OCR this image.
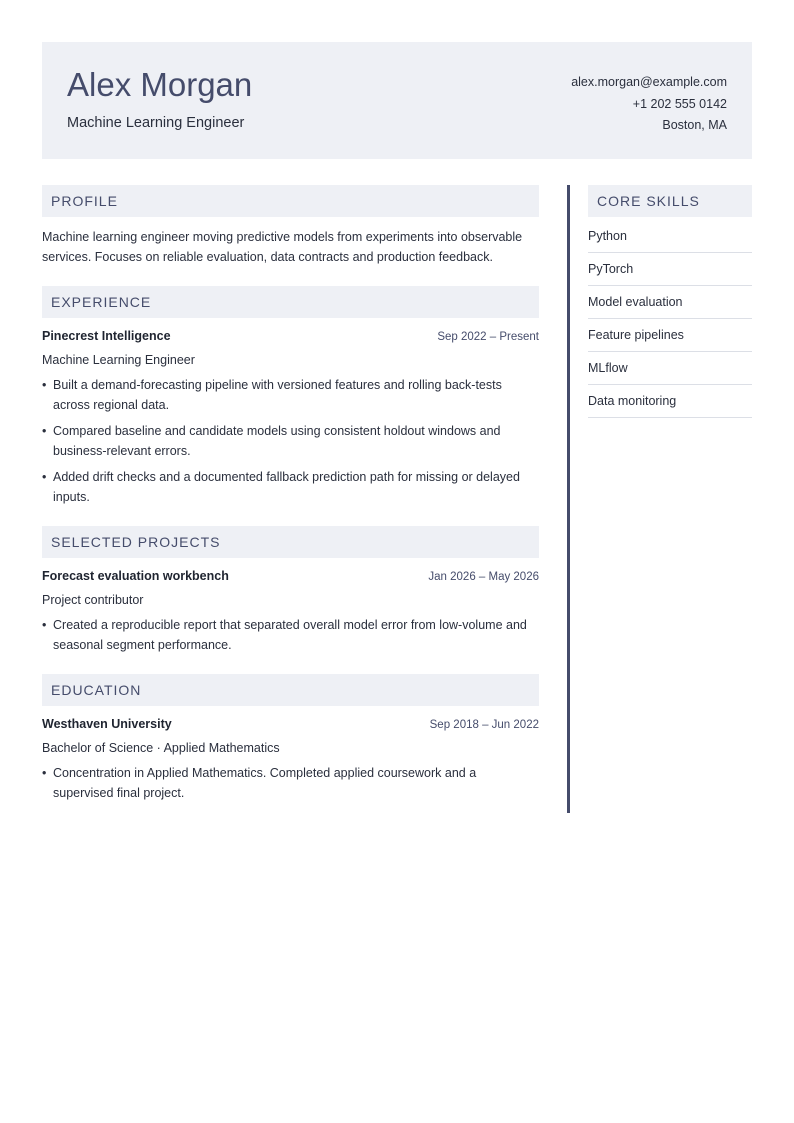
Alex Morgan
Machine Learning Engineer
alex.morgan@example.com
+1 202 555 0142
Boston, MA
PROFILE
Machine learning engineer moving predictive models from experiments into observable services. Focuses on reliable evaluation, data contracts and production feedback.
EXPERIENCE
Pinecrest Intelligence	Sep 2022 – Present
Machine Learning Engineer
• Built a demand-forecasting pipeline with versioned features and rolling back-tests across regional data.
• Compared baseline and candidate models using consistent holdout windows and business-relevant errors.
• Added drift checks and a documented fallback prediction path for missing or delayed inputs.
SELECTED PROJECTS
Forecast evaluation workbench	Jan 2026 – May 2026
Project contributor
• Created a reproducible report that separated overall model error from low-volume and seasonal segment performance.
EDUCATION
Westhaven University	Sep 2018 – Jun 2022
Bachelor of Science · Applied Mathematics
• Concentration in Applied Mathematics. Completed applied coursework and a supervised final project.
CORE SKILLS
Python
PyTorch
Model evaluation
Feature pipelines
MLflow
Data monitoring
